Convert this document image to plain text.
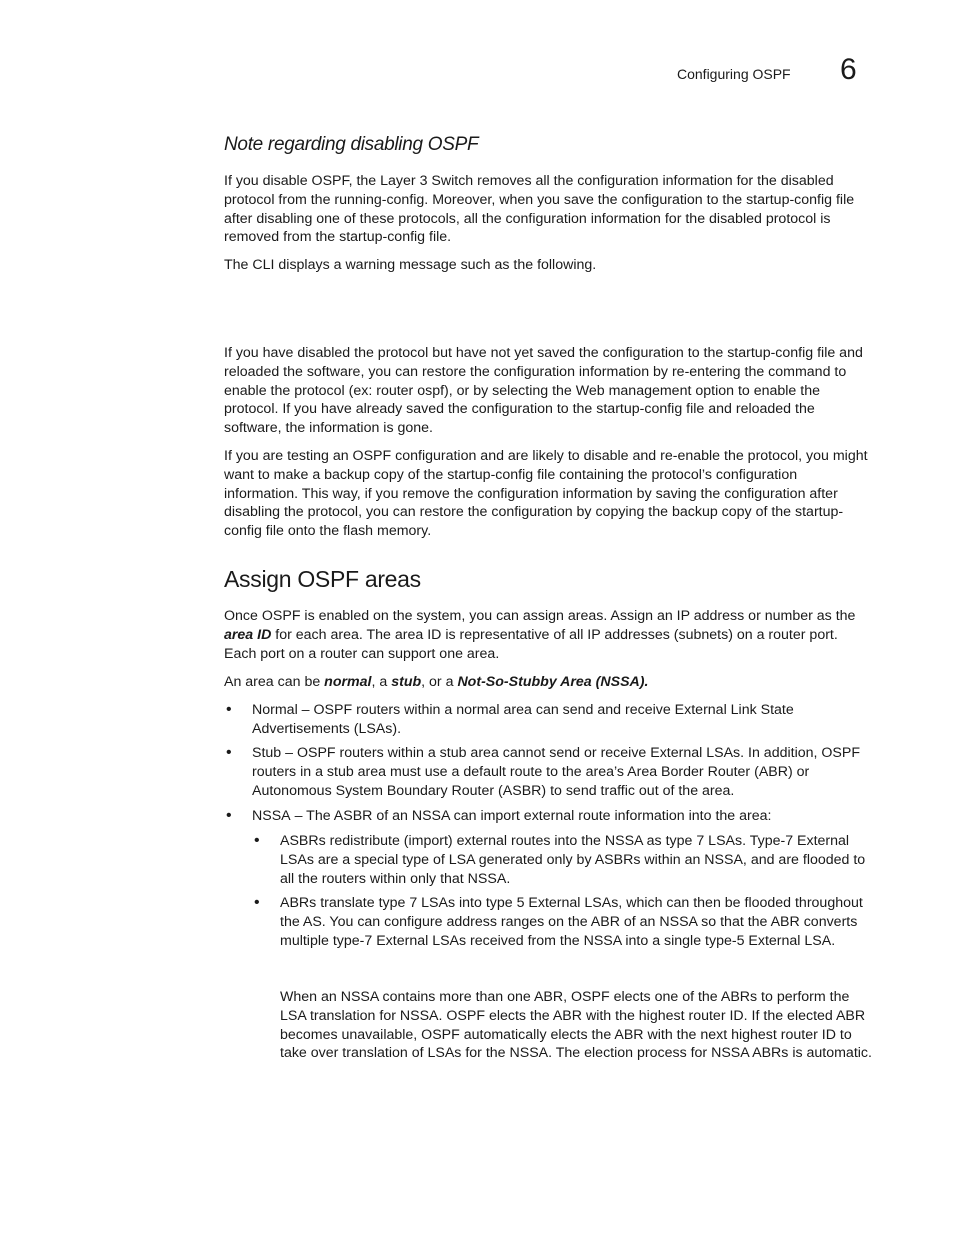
Configuring OSPF 6
Note regarding disabling OSPF

If you disable OSPF, the Layer 3 Switch removes all the configuration information for the disabled protocol from the running-config. Moreover, when you save the configuration to the startup-config file after disabling one of these protocols, all the configuration information for the disabled protocol is removed from the startup-config file.

The CLI displays a warning message such as the following.

If you have disabled the protocol but have not yet saved the configuration to the startup-config file and reloaded the software, you can restore the configuration information by re-entering the command to enable the protocol (ex: router ospf), or by selecting the Web management option to enable the protocol. If you have already saved the configuration to the startup-config file and reloaded the software, the information is gone.

If you are testing an OSPF configuration and are likely to disable and re-enable the protocol, you might want to make a backup copy of the startup-config file containing the protocol’s configuration information. This way, if you remove the configuration information by saving the configuration after disabling the protocol, you can restore the configuration by copying the backup copy of the startup-config file onto the flash memory.

Assign OSPF areas

Once OSPF is enabled on the system, you can assign areas. Assign an IP address or number as the area ID for each area. The area ID is representative of all IP addresses (subnets) on a router port. Each port on a router can support one area.

An area can be normal, a stub, or a Not-So-Stubby Area (NSSA).

• Normal – OSPF routers within a normal area can send and receive External Link State Advertisements (LSAs).
• Stub – OSPF routers within a stub area cannot send or receive External LSAs. In addition, OSPF routers in a stub area must use a default route to the area’s Area Border Router (ABR) or Autonomous System Boundary Router (ASBR) to send traffic out of the area.
• NSSA – The ASBR of an NSSA can import external route information into the area:
• ASBRs redistribute (import) external routes into the NSSA as type 7 LSAs. Type-7 External LSAs are a special type of LSA generated only by ASBRs within an NSSA, and are flooded to all the routers within only that NSSA.
• ABRs translate type 7 LSAs into type 5 External LSAs, which can then be flooded throughout the AS. You can configure address ranges on the ABR of an NSSA so that the ABR converts multiple type-7 External LSAs received from the NSSA into a single type-5 External LSA.
When an NSSA contains more than one ABR, OSPF elects one of the ABRs to perform the LSA translation for NSSA. OSPF elects the ABR with the highest router ID. If the elected ABR becomes unavailable, OSPF automatically elects the ABR with the next highest router ID to take over translation of LSAs for the NSSA. The election process for NSSA ABRs is automatic.
